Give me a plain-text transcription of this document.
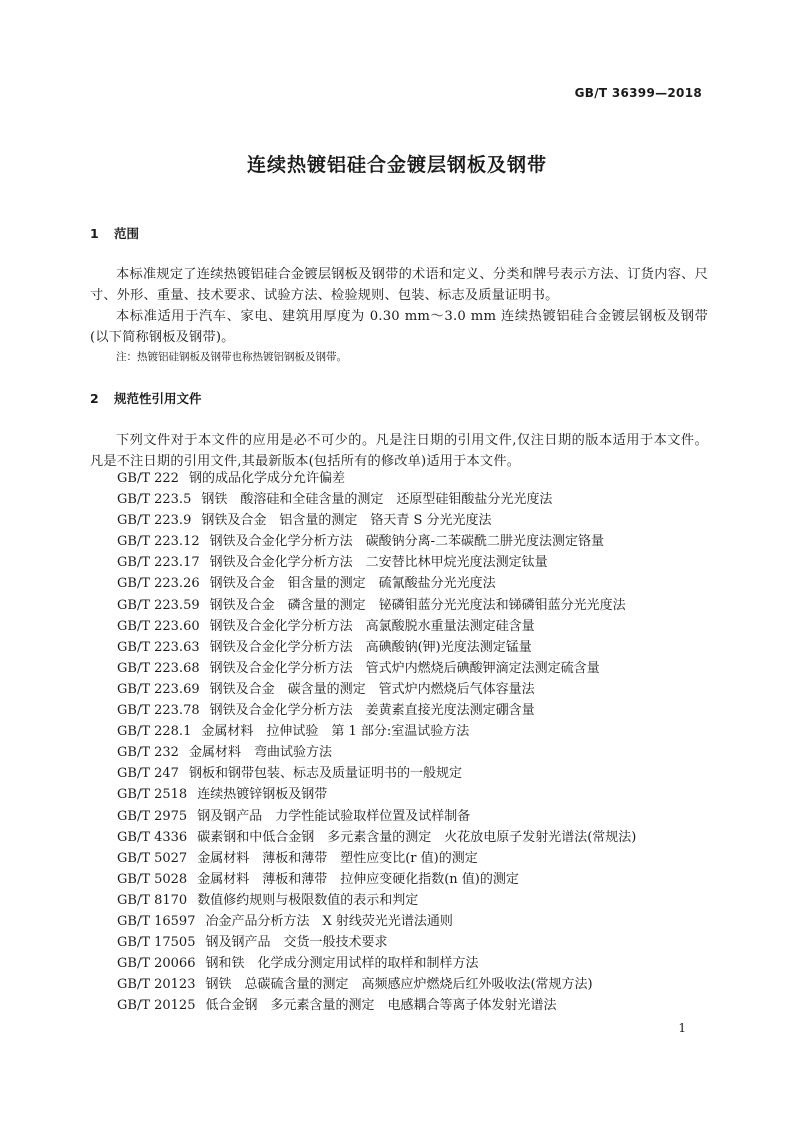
GB/T 36399—2018
连续热镀铝硅合金镀层钢板及钢带
1 范围
本标准规定了连续热镀铝硅合金镀层钢板及钢带的术语和定义、分类和牌号表示方法、订货内容、尺寸、外形、重量、技术要求、试验方法、检验规则、包装、标志及质量证明书。
本标准适用于汽车、家电、建筑用厚度为 0.30 mm～3.0 mm 连续热镀铝硅合金镀层钢板及钢带(以下简称钢板及钢带)。
注：热镀铝硅钢板及钢带也称热镀铝钢板及钢带。
2 规范性引用文件
下列文件对于本文件的应用是必不可少的。凡是注日期的引用文件,仅注日期的版本适用于本文件。凡是不注日期的引用文件,其最新版本(包括所有的修改单)适用于本文件。
GB/T 222 钢的成品化学成分允许偏差
GB/T 223.5 钢铁　酸溶硅和全硅含量的测定　还原型硅钼酸盐分光光度法
GB/T 223.9 钢铁及合金　铝含量的测定　铬天青 S 分光光度法
GB/T 223.12 钢铁及合金化学分析方法　碳酸钠分离-二苯碳酰二肼光度法测定铬量
GB/T 223.17 钢铁及合金化学分析方法　二安替比林甲烷光度法测定钛量
GB/T 223.26 钢铁及合金　钼含量的测定　硫氰酸盐分光光度法
GB/T 223.59 钢铁及合金　磷含量的测定　铋磷钼蓝分光光度法和锑磷钼蓝分光光度法
GB/T 223.60 钢铁及合金化学分析方法　高氯酸脱水重量法测定硅含量
GB/T 223.63 钢铁及合金化学分析方法　高碘酸钠(钾)光度法测定锰量
GB/T 223.68 钢铁及合金化学分析方法　管式炉内燃烧后碘酸钾滴定法测定硫含量
GB/T 223.69 钢铁及合金　碳含量的测定　管式炉内燃烧后气体容量法
GB/T 223.78 钢铁及合金化学分析方法　姜黄素直接光度法测定硼含量
GB/T 228.1 金属材料　拉伸试验　第 1 部分:室温试验方法
GB/T 232 金属材料　弯曲试验方法
GB/T 247 钢板和钢带包装、标志及质量证明书的一般规定
GB/T 2518 连续热镀锌钢板及钢带
GB/T 2975 钢及钢产品　力学性能试验取样位置及试样制备
GB/T 4336 碳素钢和中低合金钢　多元素含量的测定　火花放电原子发射光谱法(常规法)
GB/T 5027 金属材料　薄板和薄带　塑性应变比(r 值)的测定
GB/T 5028 金属材料　薄板和薄带　拉伸应变硬化指数(n 值)的测定
GB/T 8170 数值修约规则与极限数值的表示和判定
GB/T 16597 冶金产品分析方法　X 射线荧光光谱法通则
GB/T 17505 钢及钢产品　交货一般技术要求
GB/T 20066 钢和铁　化学成分测定用试样的取样和制样方法
GB/T 20123 钢铁　总碳硫含量的测定　高频感应炉燃烧后红外吸收法(常规方法)
GB/T 20125 低合金钢　多元素含量的测定　电感耦合等离子体发射光谱法
1
